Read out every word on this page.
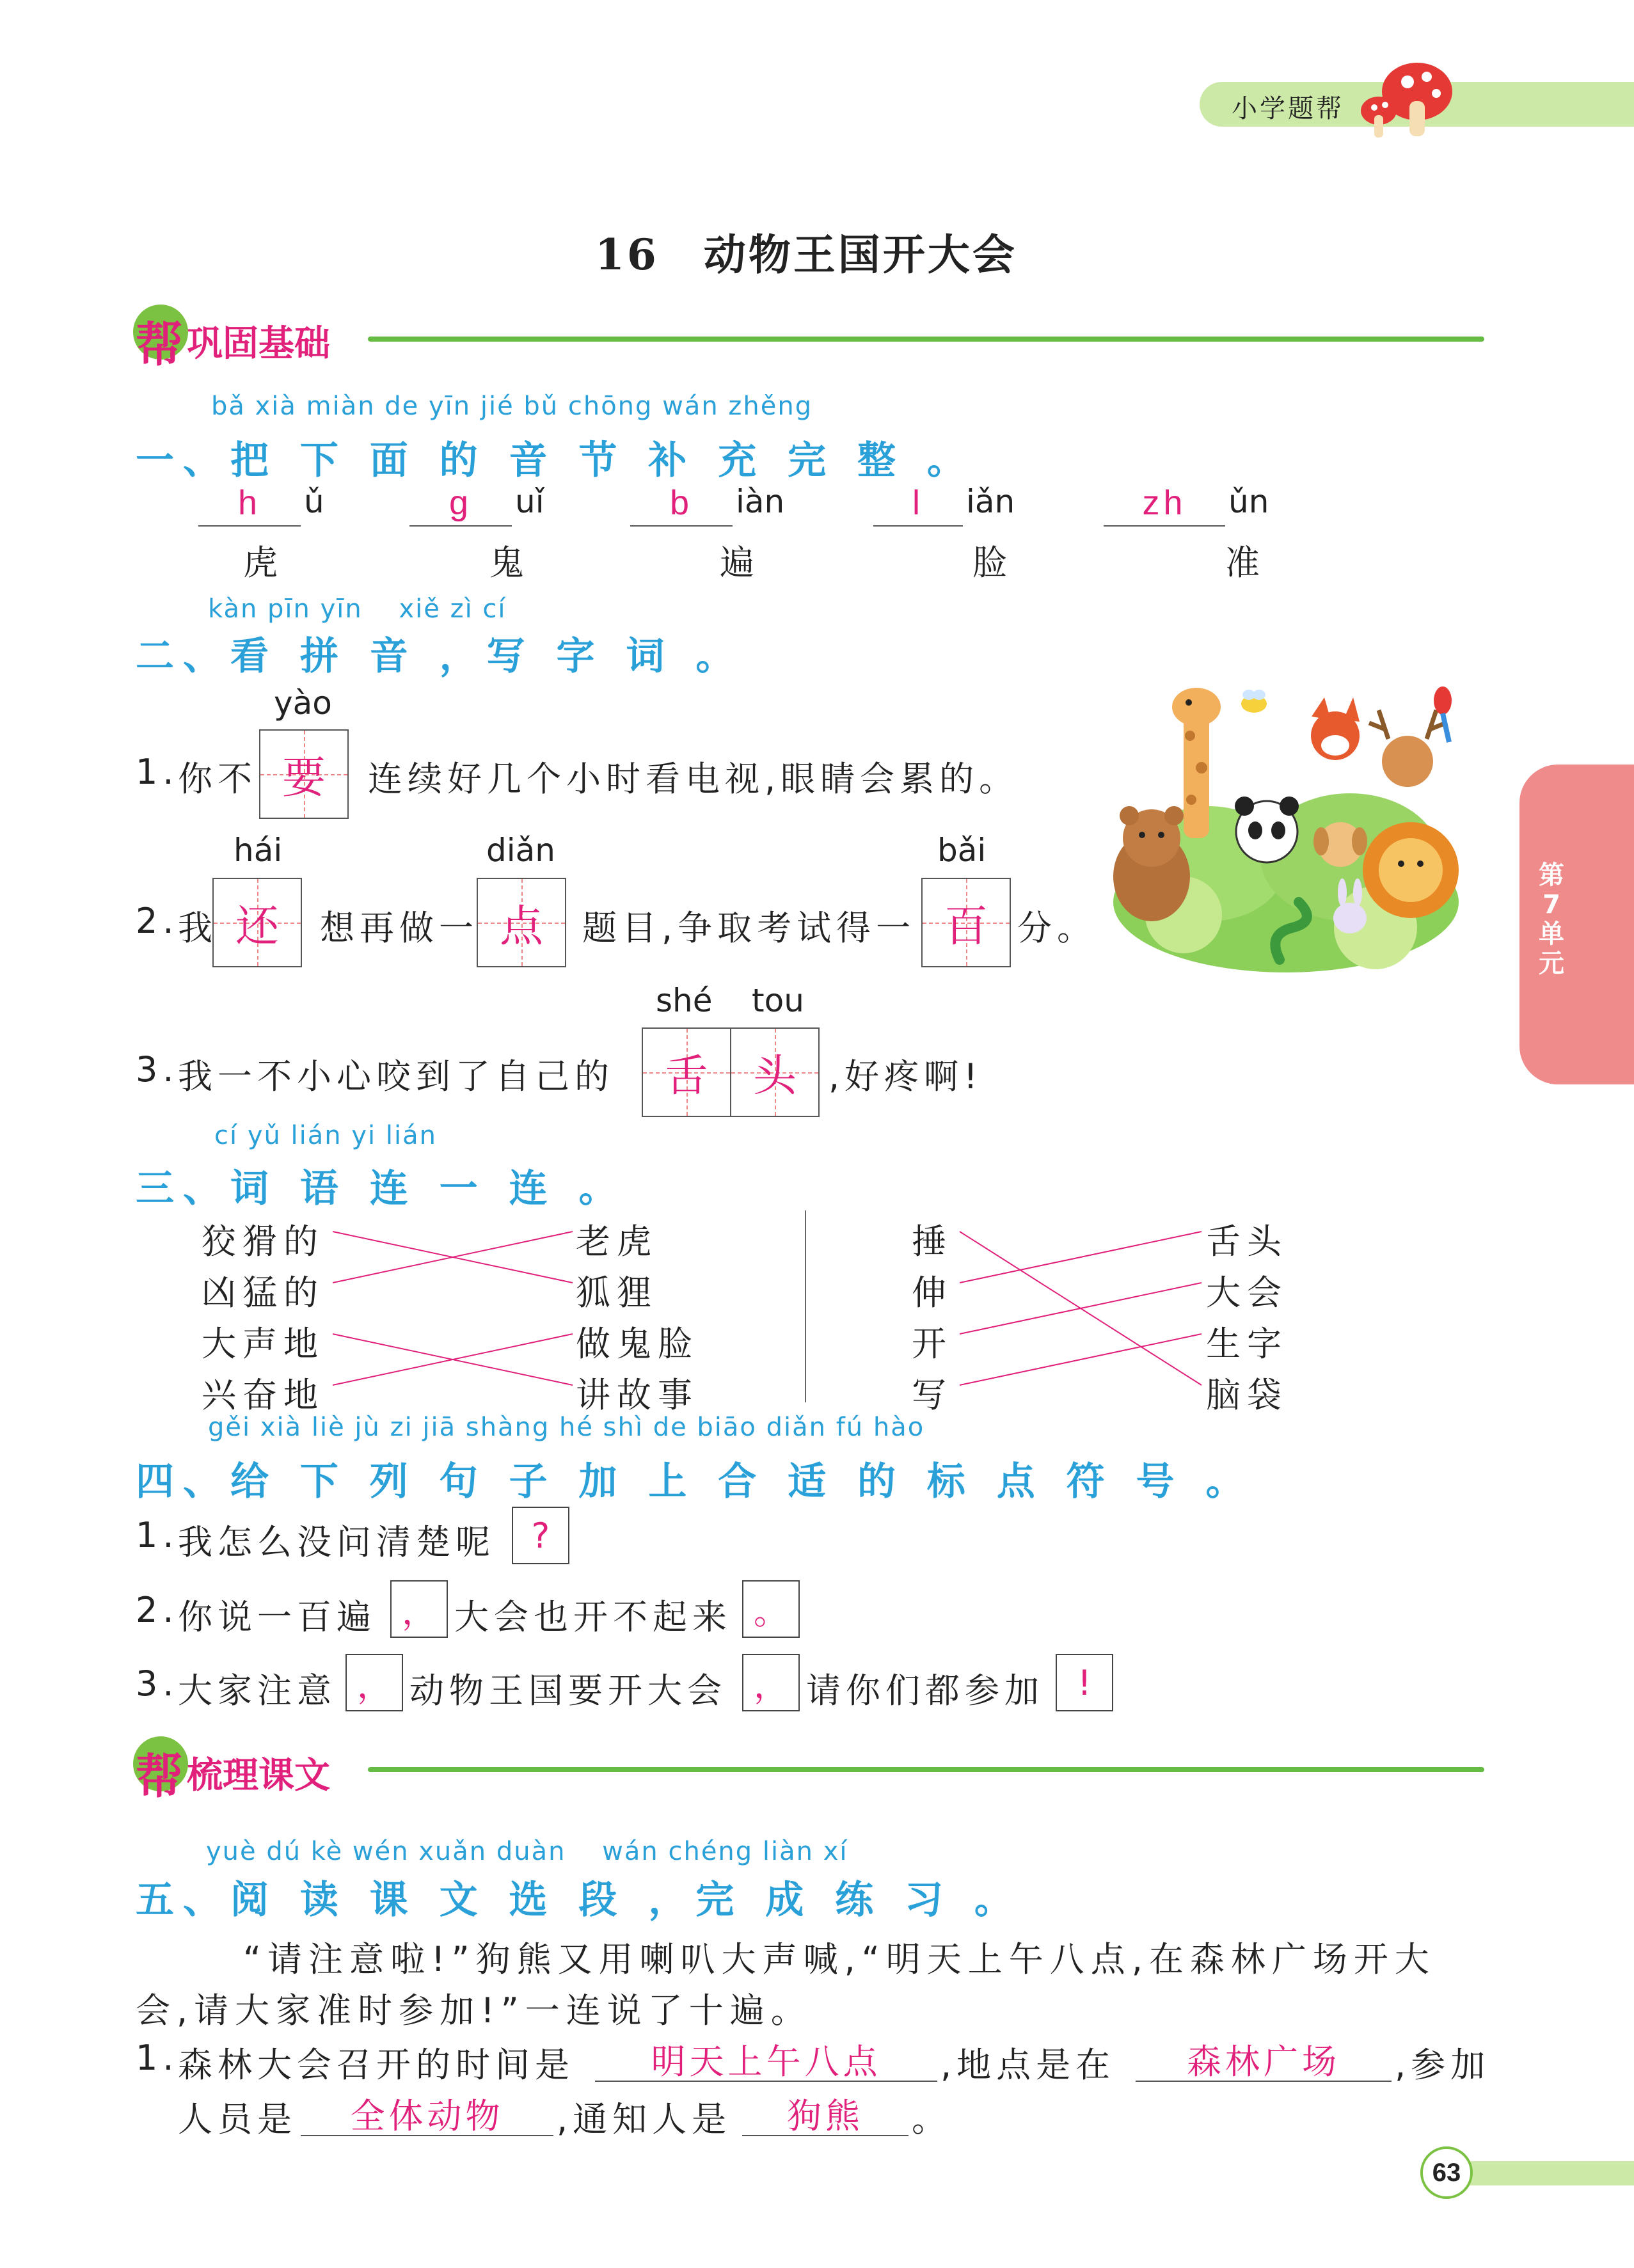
小学题帮
16　动物王国开大会
帮 巩固基础
bǎ xià miàn de yīn jié bǔ chōng wán zhěng
一、把 下 面 的 音 节 补 充 完 整 。
h	ǔ
虎
g	uǐ
鬼
b	iàn
遍
l	iǎn
脸
zh	ǔn
准
kàn pīn yīn　 xiě zì cí
二、看 拼 音 ，写 字 词 。
yào
1.
你不 要 连续好几个小时看电视,眼睛会累的。
hái	diǎn	bǎi
2.
我 还 想再做一 点 题目,争取考试得一 百 分。
shé tou
3.
我一不小心咬到了自己的 舌 头 ,好疼啊!
cí yǔ lián yi lián
三、词 语 连 一 连 。
狡猾的
凶猛的
大声地
兴奋地
老虎
狐狸
做鬼脸
讲故事
捶
伸
开
写
舌头
大会
生字
脑袋
gěi xià liè jù zi jiā shàng hé shì de biāo diǎn fú hào
四、给 下 列 句 子 加 上 合 适 的 标 点 符 号 。
1.
我怎么没问清楚呢	?
2.
你说一百遍 ， 大会也开不起来 。
3.
大家注意 ， 动物王国要开大会 ， 请你们都参加 !
帮 梳理课文
yuè dú kè wén xuǎn duàn　 wán chéng liàn xí
五、阅 读 课 文 选 段 ，完 成 练 习 。
“请注意啦!”狗熊又用喇叭大声喊,“明天上午八点,在森林广场开大
会,请大家准时参加!”一连说了十遍。
1.
森林大会召开的时间是	明天上午八点	,地点是在	森林广场	,参加
人员是	全体动物	,通知人是	狗熊	。
第
7
单
元
63
